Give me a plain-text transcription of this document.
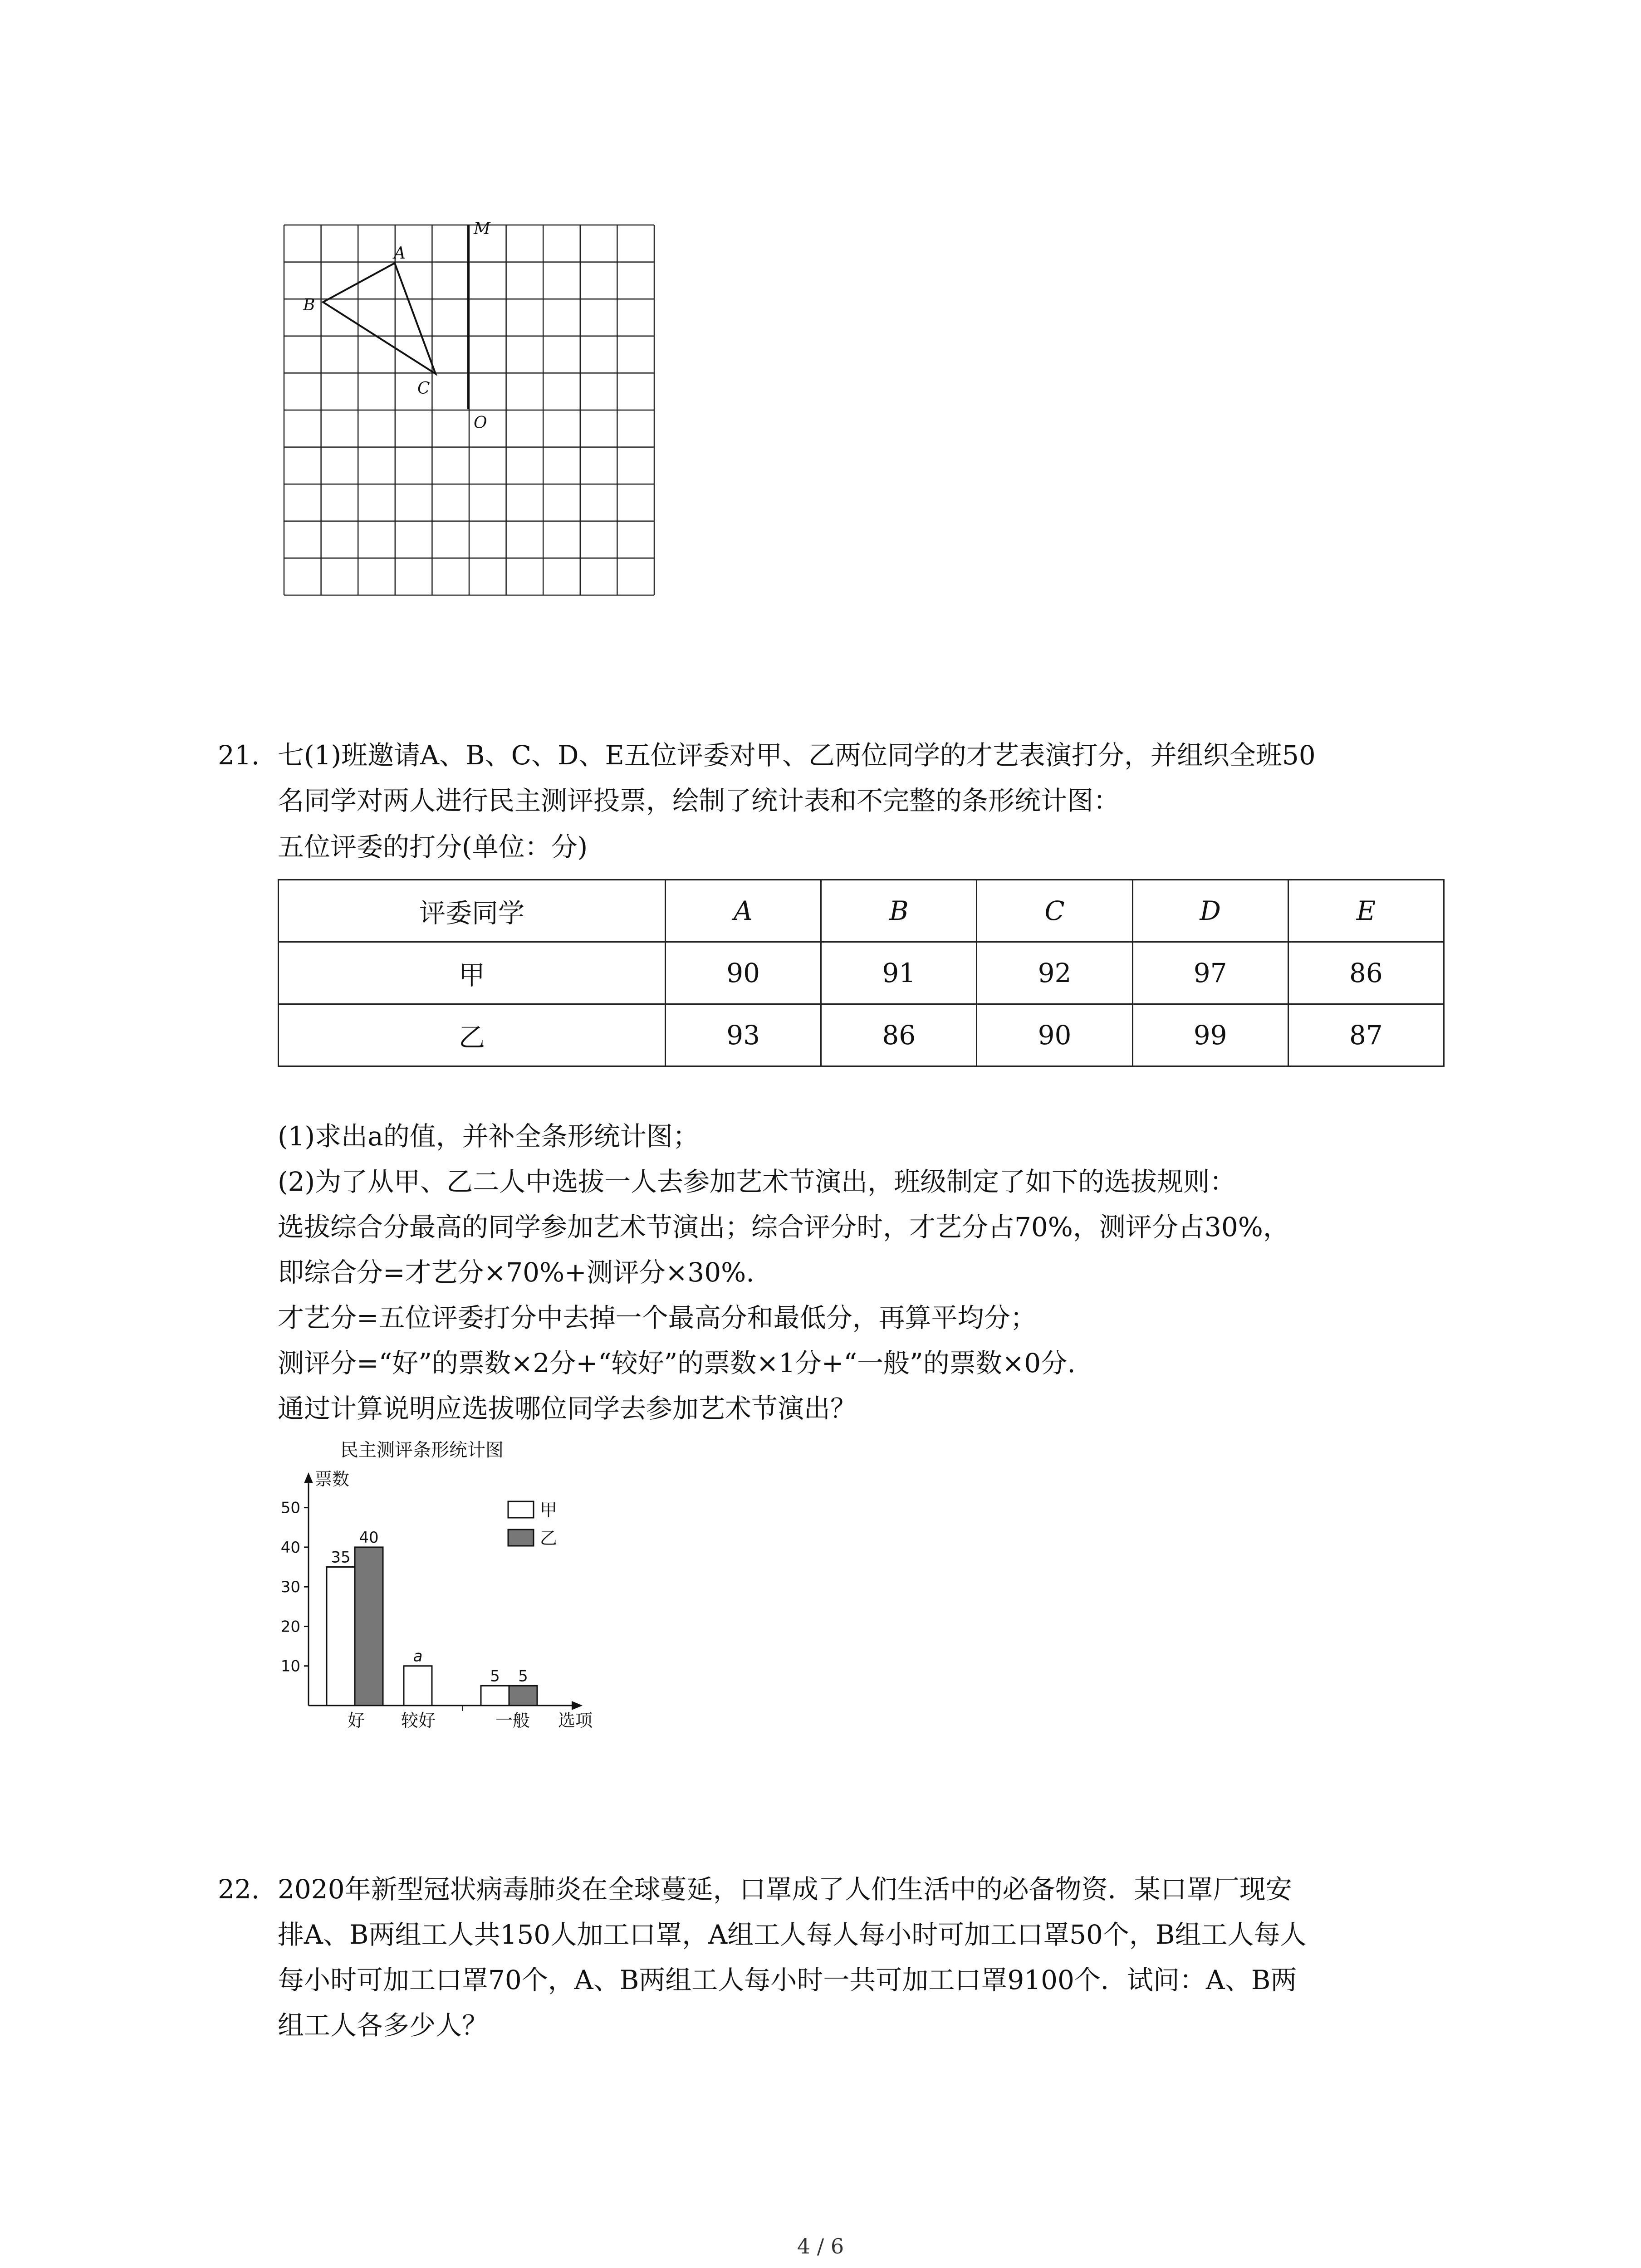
A
B
C
M
O
21. 七(1)班邀请A、B、C、D、E五位评委对甲、乙两位同学的才艺表演打分，并组织全班50
名同学对两人进行民主测评投票，绘制了统计表和不完整的条形统计图：
五位评委的打分(单位：分)
评委同学	A	B	C	D	E
甲	90	91	92	97	86
乙	93	86	90	99	87
(1)求出a的值，并补全条形统计图；
(2)为了从甲、乙二人中选拔一人去参加艺术节演出，班级制定了如下的选拔规则：
选拔综合分最高的同学参加艺术节演出；综合评分时，才艺分占70%，测评分占30%，
即综合分=才艺分×70%+测评分×30%.
才艺分=五位评委打分中去掉一个最高分和最低分，再算平均分；
测评分=“好”的票数×2分+“较好”的票数×1分+“一般”的票数×0分.
通过计算说明应选拔哪位同学去参加艺术节演出？
民主测评条形统计图
票数
10
20
30
40
50
35
40
好
a
较好
5 5
一般 选项
甲
乙
22. 2020年新型冠状病毒肺炎在全球蔓延，口罩成了人们生活中的必备物资．某口罩厂现安
排A、B两组工人共150人加工口罩，A组工人每人每小时可加工口罩50个，B组工人每人
每小时可加工口罩70个，A、B两组工人每小时一共可加工口罩9100个．试问：A、B两
组工人各多少人？
4 / 6
